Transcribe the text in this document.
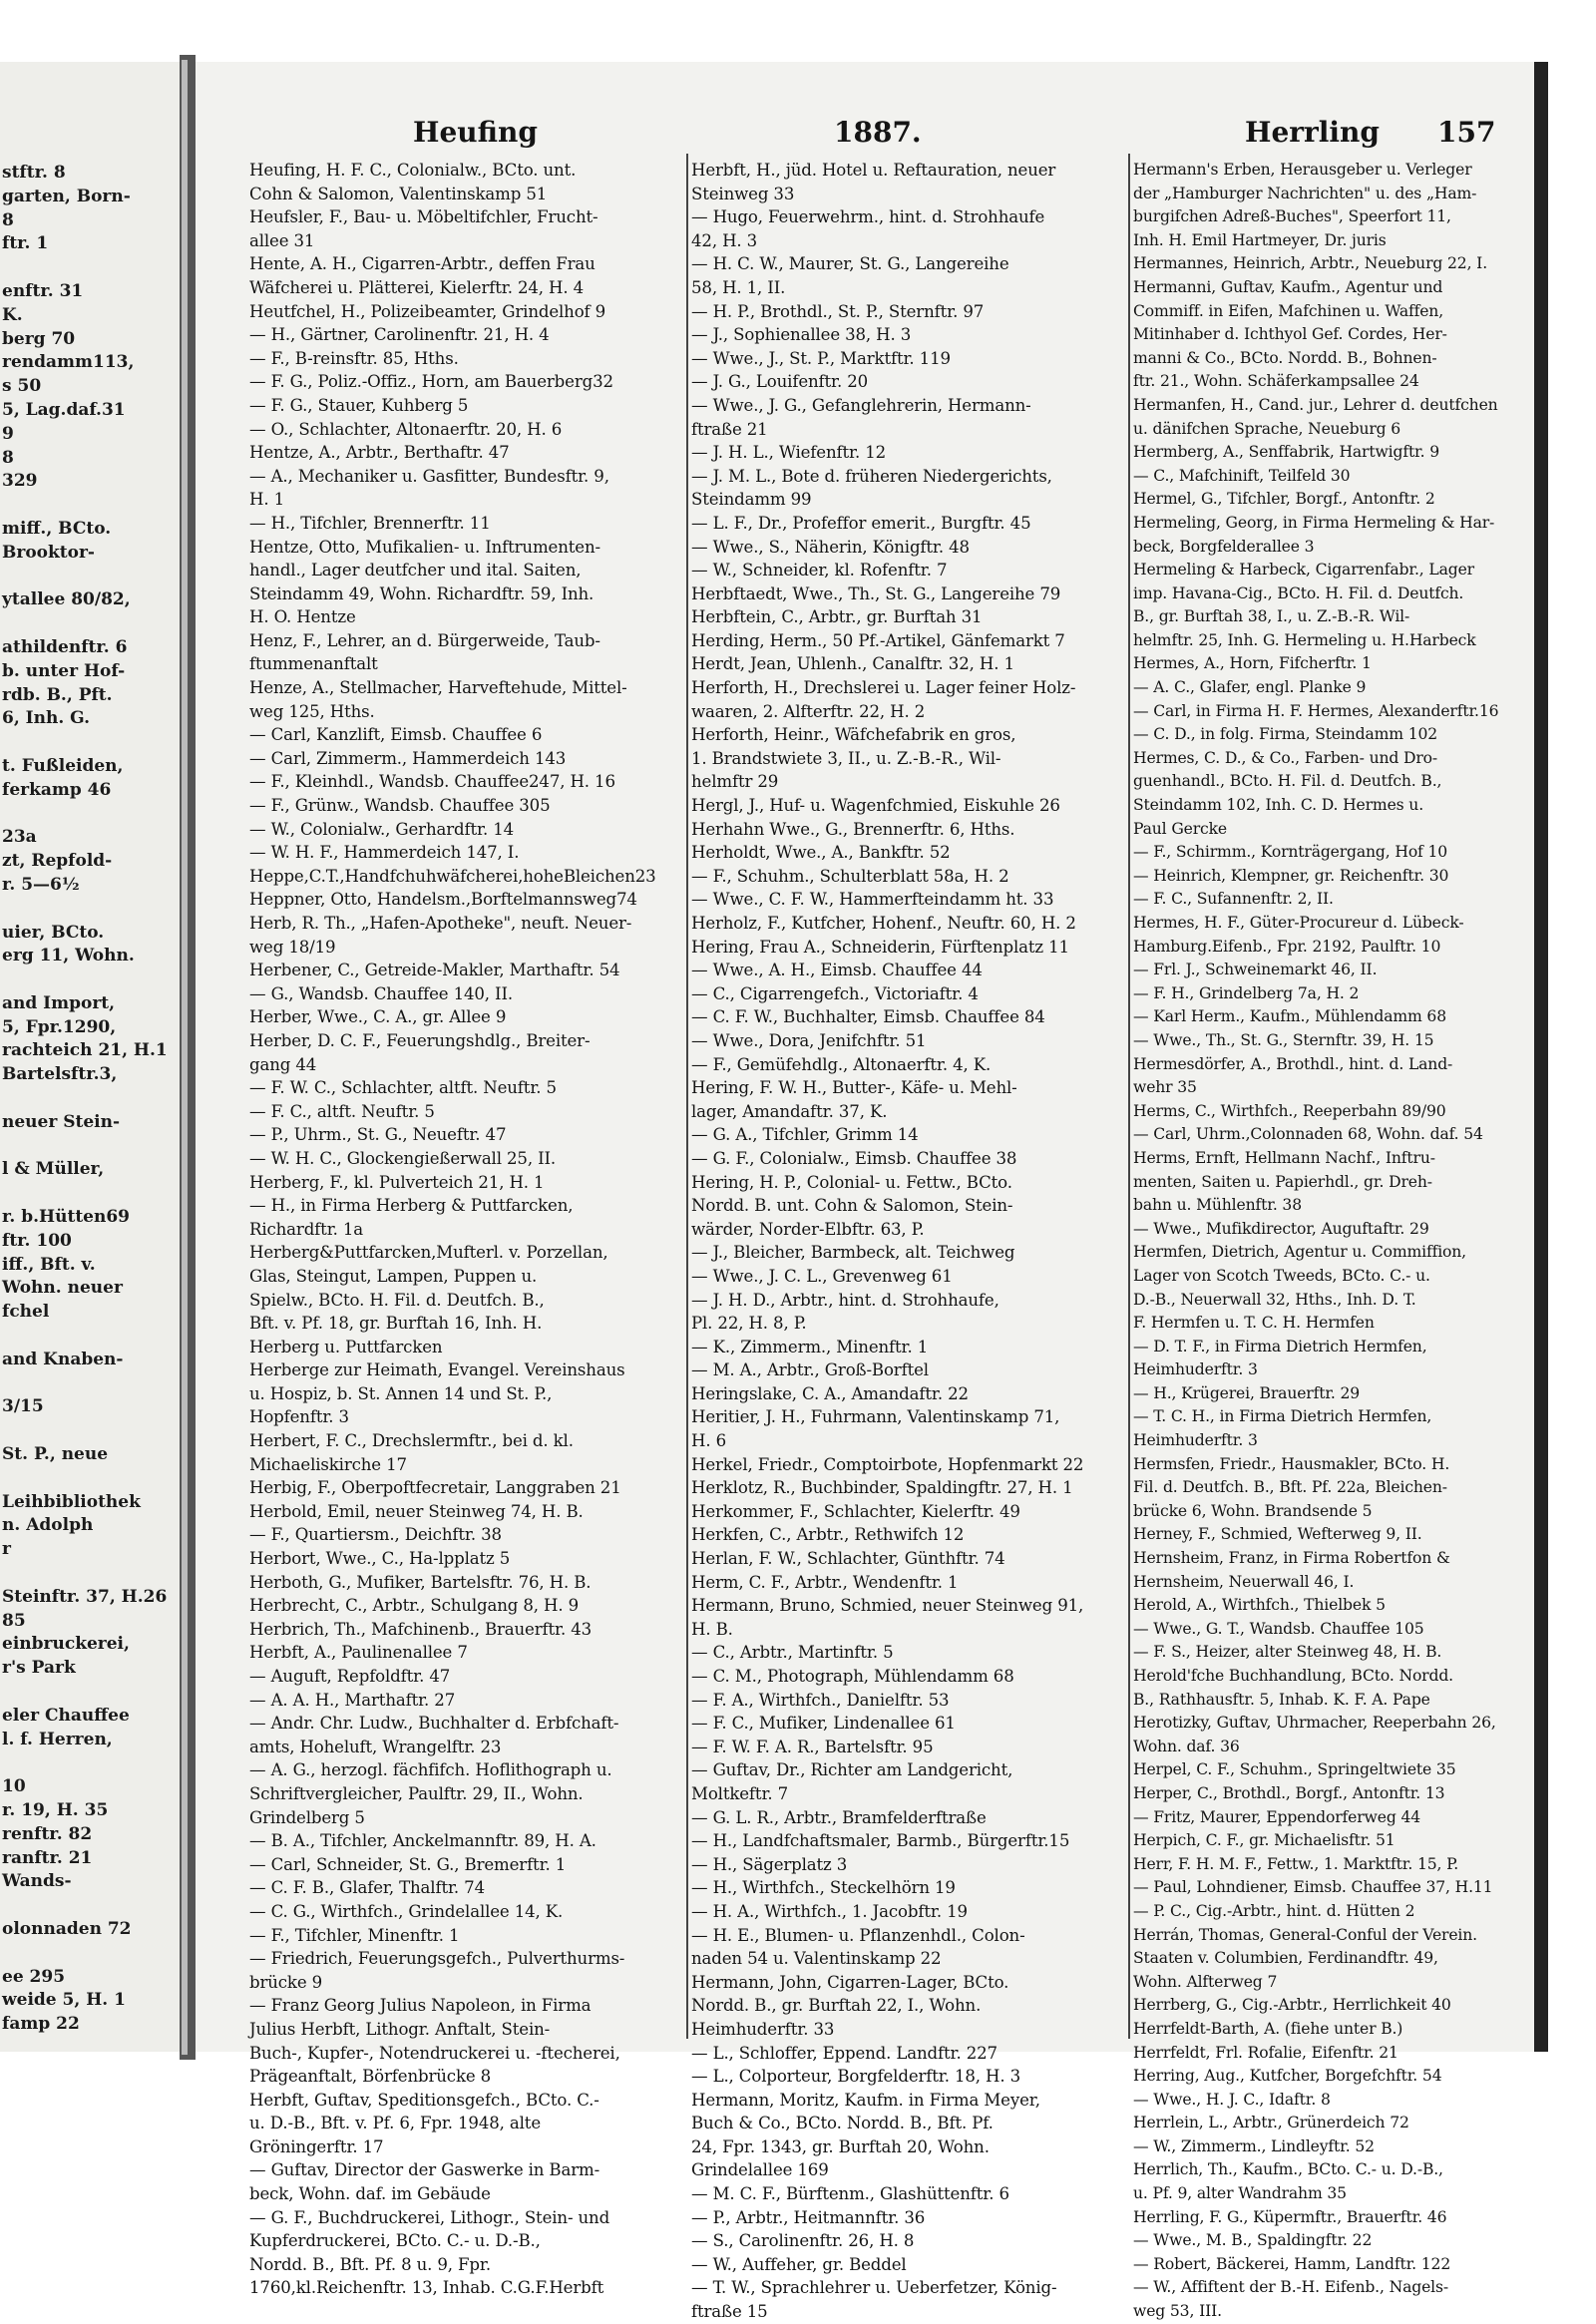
stftr. 8
garten, Born-
8
ftr. 1

enftr. 31
K.
berg 70
rendamm113,
s 50
5, Lag.daf.31
9
8
329

miff., BCto.
Brooktor-

ytallee 80/82,

athildenftr. 6
b. unter Hof-
rdb. B., Pft.
6, Inh. G.

t. Fußleiden,
ferkamp 46

23a
zt, Repfold-
r. 5—6½

uier, BCto.
erg 11, Wohn.

and Import,
5, Fpr.1290,
rachteich 21, H.1
Bartelsftr.3,

neuer Stein-

l & Müller,

r. b.Hütten69
ftr. 100
iff., Bft. v.
Wohn. neuer
fchel

and Knaben-

3/15

St. P., neue

Leihbibliothek
n. Adolph
r

Steinftr. 37, H.26
85
einbruckerei,
r's Park

eler Chauffee
l. f. Herren,

10
r. 19, H. 35
renftr. 82
ranftr. 21
Wands-

olonnaden 72

ee 295
weide 5, H. 1
famp 22
Heufing	1887.	Herrling 157
Heufing, H. F. C., Colonialw., BCto. unt.
Cohn & Salomon, Valentinskamp 51
Heufsler, F., Bau- u. Möbeltifchler, Frucht-
allee 31
Hente, A. H., Cigarren-Arbtr., deffen Frau
Wäfcherei u. Plätterei, Kielerftr. 24, H. 4
Heutfchel, H., Polizeibeamter, Grindelhof 9
— H., Gärtner, Carolinenftr. 21, H. 4
— F., B-reinsftr. 85, Hths.
— F. G., Poliz.-Offiz., Horn, am Bauerberg32
— F. G., Stauer, Kuhberg 5
— O., Schlachter, Altonaerftr. 20, H. 6
Hentze, A., Arbtr., Berthaftr. 47
— A., Mechaniker u. Gasfitter, Bundesftr. 9,
H. 1
— H., Tifchler, Brennerftr. 11
Hentze, Otto, Mufikalien- u. Inftrumenten-
handl., Lager deutfcher und ital. Saiten,
Steindamm 49, Wohn. Richardftr. 59, Inh.
H. O. Hentze
Henz, F., Lehrer, an d. Bürgerweide, Taub-
ftummenanftalt
Henze, A., Stellmacher, Harveftehude, Mittel-
weg 125, Hths.
— Carl, Kanzlift, Eimsb. Chauffee 6
— Carl, Zimmerm., Hammerdeich 143
— F., Kleinhdl., Wandsb. Chauffee247, H. 16
— F., Grünw., Wandsb. Chauffee 305
— W., Colonialw., Gerhardftr. 14
— W. H. F., Hammerdeich 147, I.
Heppe,C.T.,Handfchuhwäfcherei,hoheBleichen23
Heppner, Otto, Handelsm.,Borftelmannsweg74
Herb, R. Th., „Hafen-Apotheke", neuft. Neuer-
weg 18/19
Herbener, C., Getreide-Makler, Marthaftr. 54
— G., Wandsb. Chauffee 140, II.
Herber, Wwe., C. A., gr. Allee 9
Herber, D. C. F., Feuerungshdlg., Breiter-
gang 44
— F. W. C., Schlachter, altft. Neuftr. 5
— F. C., altft. Neuftr. 5
— P., Uhrm., St. G., Neueftr. 47
— W. H. C., Glockengießerwall 25, II.
Herberg, F., kl. Pulverteich 21, H. 1
— H., in Firma Herberg & Puttfarcken,
Richardftr. 1a
Herberg&Puttfarcken,Mufterl. v. Porzellan,
Glas, Steingut, Lampen, Puppen u.
Spielw., BCto. H. Fil. d. Deutfch. B.,
Bft. v. Pf. 18, gr. Burftah 16, Inh. H.
Herberg u. Puttfarcken
Herberge zur Heimath, Evangel. Vereinshaus
u. Hospiz, b. St. Annen 14 und St. P.,
Hopfenftr. 3
Herbert, F. C., Drechslermftr., bei d. kl.
Michaeliskirche 17
Herbig, F., Oberpoftfecretair, Langgraben 21
Herbold, Emil, neuer Steinweg 74, H. B.
— F., Quartiersm., Deichftr. 38
Herbort, Wwe., C., Ha-lpplatz 5
Herboth, G., Mufiker, Bartelsftr. 76, H. B.
Herbrecht, C., Arbtr., Schulgang 8, H. 9
Herbrich, Th., Mafchinenb., Brauerftr. 43
Herbft, A., Paulinenallee 7
— Auguft, Repfoldftr. 47
— A. A. H., Marthaftr. 27
— Andr. Chr. Ludw., Buchhalter d. Erbfchaft-
amts, Hoheluft, Wrangelftr. 23
— A. G., herzogl. fächfifch. Hoflithograph u.
Schriftvergleicher, Paulftr. 29, II., Wohn.
Grindelberg 5
— B. A., Tifchler, Anckelmannftr. 89, H. A.
— Carl, Schneider, St. G., Bremerftr. 1
— C. F. B., Glafer, Thalftr. 74
— C. G., Wirthfch., Grindelallee 14, K.
— F., Tifchler, Minenftr. 1
— Friedrich, Feuerungsgefch., Pulverthurms-
brücke 9
— Franz Georg Julius Napoleon, in Firma
Julius Herbft, Lithogr. Anftalt, Stein-
Buch-, Kupfer-, Notendruckerei u. -ftecherei,
Prägeanftalt, Börfenbrücke 8
Herbft, Guftav, Speditionsgefch., BCto. C.-
u. D.-B., Bft. v. Pf. 6, Fpr. 1948, alte
Gröningerftr. 17
— Guftav, Director der Gaswerke in Barm-
beck, Wohn. daf. im Gebäude
— G. F., Buchdruckerei, Lithogr., Stein- und
Kupferdruckerei, BCto. C.- u. D.-B.,
Nordd. B., Bft. Pf. 8 u. 9, Fpr.
1760,kl.Reichenftr. 13, Inhab. C.G.F.Herbft
Herbft, H., jüd. Hotel u. Reftauration, neuer
Steinweg 33
— Hugo, Feuerwehrm., hint. d. Strohhaufe
42, H. 3
— H. C. W., Maurer, St. G., Langereihe
58, H. 1, II.
— H. P., Brothdl., St. P., Sternftr. 97
— J., Sophienallee 38, H. 3
— Wwe., J., St. P., Marktftr. 119
— J. G., Louifenftr. 20
— Wwe., J. G., Gefanglehrerin, Hermann-
ftraße 21
— J. H. L., Wiefenftr. 12
— J. M. L., Bote d. früheren Niedergerichts,
Steindamm 99
— L. F., Dr., Profeffor emerit., Burgftr. 45
— Wwe., S., Näherin, Königftr. 48
— W., Schneider, kl. Rofenftr. 7
Herbftaedt, Wwe., Th., St. G., Langereihe 79
Herbftein, C., Arbtr., gr. Burftah 31
Herding, Herm., 50 Pf.-Artikel, Gänfemarkt 7
Herdt, Jean, Uhlenh., Canalftr. 32, H. 1
Herforth, H., Drechslerei u. Lager feiner Holz-
waaren, 2. Alfterftr. 22, H. 2
Herforth, Heinr., Wäfchefabrik en gros,
1. Brandstwiete 3, II., u. Z.-B.-R., Wil-
helmftr 29
Hergl, J., Huf- u. Wagenfchmied, Eiskuhle 26
Herhahn Wwe., G., Brennerftr. 6, Hths.
Herholdt, Wwe., A., Bankftr. 52
— F., Schuhm., Schulterblatt 58a, H. 2
— Wwe., C. F. W., Hammerfteindamm ht. 33
Herholz, F., Kutfcher, Hohenf., Neuftr. 60, H. 2
Hering, Frau A., Schneiderin, Fürftenplatz 11
— Wwe., A. H., Eimsb. Chauffee 44
— C., Cigarrengefch., Victoriaftr. 4
— C. F. W., Buchhalter, Eimsb. Chauffee 84
— Wwe., Dora, Jenifchftr. 51
— F., Gemüfehdlg., Altonaerftr. 4, K.
Hering, F. W. H., Butter-, Käfe- u. Mehl-
lager, Amandaftr. 37, K.
— G. A., Tifchler, Grimm 14
— G. F., Colonialw., Eimsb. Chauffee 38
Hering, H. P., Colonial- u. Fettw., BCto.
Nordd. B. unt. Cohn & Salomon, Stein-
wärder, Norder-Elbftr. 63, P.
— J., Bleicher, Barmbeck, alt. Teichweg
— Wwe., J. C. L., Grevenweg 61
— J. H. D., Arbtr., hint. d. Strohhaufe,
Pl. 22, H. 8, P.
— K., Zimmerm., Minenftr. 1
— M. A., Arbtr., Groß-Borftel
Heringslake, C. A., Amandaftr. 22
Heritier, J. H., Fuhrmann, Valentinskamp 71,
H. 6
Herkel, Friedr., Comptoirbote, Hopfenmarkt 22
Herklotz, R., Buchbinder, Spaldingftr. 27, H. 1
Herkommer, F., Schlachter, Kielerftr. 49
Herkfen, C., Arbtr., Rethwifch 12
Herlan, F. W., Schlachter, Günthftr. 74
Herm, C. F., Arbtr., Wendenftr. 1
Hermann, Bruno, Schmied, neuer Steinweg 91,
H. B.
— C., Arbtr., Martinftr. 5
— C. M., Photograph, Mühlendamm 68
— F. A., Wirthfch., Danielftr. 53
— F. C., Mufiker, Lindenallee 61
— F. W. F. A. R., Bartelsftr. 95
— Guftav, Dr., Richter am Landgericht,
Moltkeftr. 7
— G. L. R., Arbtr., Bramfelderftraße
— H., Landfchaftsmaler, Barmb., Bürgerftr.15
— H., Sägerplatz 3
— H., Wirthfch., Steckelhörn 19
— H. A., Wirthfch., 1. Jacobftr. 19
— H. E., Blumen- u. Pflanzenhdl., Colon-
naden 54 u. Valentinskamp 22
Hermann, John, Cigarren-Lager, BCto.
Nordd. B., gr. Burftah 22, I., Wohn.
Heimhuderftr. 33
— L., Schloffer, Eppend. Landftr. 227
— L., Colporteur, Borgfelderftr. 18, H. 3
Hermann, Moritz, Kaufm. in Firma Meyer,
Buch & Co., BCto. Nordd. B., Bft. Pf.
24, Fpr. 1343, gr. Burftah 20, Wohn.
Grindelallee 169
— M. C. F., Bürftenm., Glashüttenftr. 6
— P., Arbtr., Heitmannftr. 36
— S., Carolinenftr. 26, H. 8
— W., Auffeher, gr. Beddel
— T. W., Sprachlehrer u. Ueberfetzer, König-
ftraße 15
Hermann's Erben, Herausgeber u. Verleger
der „Hamburger Nachrichten" u. des „Ham-
burgifchen Adreß-Buches", Speerfort 11,
Inh. H. Emil Hartmeyer, Dr. juris
Hermannes, Heinrich, Arbtr., Neueburg 22, I.
Hermanni, Guftav, Kaufm., Agentur und
Commiff. in Eifen, Mafchinen u. Waffen,
Mitinhaber d. Ichthyol Gef. Cordes, Her-
manni & Co., BCto. Nordd. B., Bohnen-
ftr. 21., Wohn. Schäferkampsallee 24
Hermanfen, H., Cand. jur., Lehrer d. deutfchen
u. dänifchen Sprache, Neueburg 6
Hermberg, A., Senffabrik, Hartwigftr. 9
— C., Mafchinift, Teilfeld 30
Hermel, G., Tifchler, Borgf., Antonftr. 2
Hermeling, Georg, in Firma Hermeling & Har-
beck, Borgfelderallee 3
Hermeling & Harbeck, Cigarrenfabr., Lager
imp. Havana-Cig., BCto. H. Fil. d. Deutfch.
B., gr. Burftah 38, I., u. Z.-B.-R. Wil-
helmftr. 25, Inh. G. Hermeling u. H.Harbeck
Hermes, A., Horn, Fifcherftr. 1
— A. C., Glafer, engl. Planke 9
— Carl, in Firma H. F. Hermes, Alexanderftr.16
— C. D., in folg. Firma, Steindamm 102
Hermes, C. D., & Co., Farben- und Dro-
guenhandl., BCto. H. Fil. d. Deutfch. B.,
Steindamm 102, Inh. C. D. Hermes u.
Paul Gercke
— F., Schirmm., Kornträgergang, Hof 10
— Heinrich, Klempner, gr. Reichenftr. 30
— F. C., Sufannenftr. 2, II.
Hermes, H. F., Güter-Procureur d. Lübeck-
Hamburg.Eifenb., Fpr. 2192, Paulftr. 10
— Frl. J., Schweinemarkt 46, II.
— F. H., Grindelberg 7a, H. 2
— Karl Herm., Kaufm., Mühlendamm 68
— Wwe., Th., St. G., Sternftr. 39, H. 15
Hermesdörfer, A., Brothdl., hint. d. Land-
wehr 35
Herms, C., Wirthfch., Reeperbahn 89/90
— Carl, Uhrm.,Colonnaden 68, Wohn. daf. 54
Herms, Ernft, Hellmann Nachf., Inftru-
menten, Saiten u. Papierhdl., gr. Dreh-
bahn u. Mühlenftr. 38
— Wwe., Mufikdirector, Auguftaftr. 29
Hermfen, Dietrich, Agentur u. Commiffion,
Lager von Scotch Tweeds, BCto. C.- u.
D.-B., Neuerwall 32, Hths., Inh. D. T.
F. Hermfen u. T. C. H. Hermfen
— D. T. F., in Firma Dietrich Hermfen,
Heimhuderftr. 3
— H., Krügerei, Brauerftr. 29
— T. C. H., in Firma Dietrich Hermfen,
Heimhuderftr. 3
Hermsfen, Friedr., Hausmakler, BCto. H.
Fil. d. Deutfch. B., Bft. Pf. 22a, Bleichen-
brücke 6, Wohn. Brandsende 5
Herney, F., Schmied, Wefterweg 9, II.
Hernsheim, Franz, in Firma Robertfon &
Hernsheim, Neuerwall 46, I.
Herold, A., Wirthfch., Thielbek 5
— Wwe., G. T., Wandsb. Chauffee 105
— F. S., Heizer, alter Steinweg 48, H. B.
Herold'fche Buchhandlung, BCto. Nordd.
B., Rathhausftr. 5, Inhab. K. F. A. Pape
Herotizky, Guftav, Uhrmacher, Reeperbahn 26,
Wohn. daf. 36
Herpel, C. F., Schuhm., Springeltwiete 35
Herper, C., Brothdl., Borgf., Antonftr. 13
— Fritz, Maurer, Eppendorferweg 44
Herpich, C. F., gr. Michaelisftr. 51
Herr, F. H. M. F., Fettw., 1. Marktftr. 15, P.
— Paul, Lohndiener, Eimsb. Chauffee 37, H.11
— P. C., Cig.-Arbtr., hint. d. Hütten 2
Herrán, Thomas, General-Conful der Verein.
Staaten v. Columbien, Ferdinandftr. 49,
Wohn. Alfterweg 7
Herrberg, G., Cig.-Arbtr., Herrlichkeit 40
Herrfeldt-Barth, A. (fiehe unter B.)
Herrfeldt, Frl. Rofalie, Eifenftr. 21
Herring, Aug., Kutfcher, Borgefchftr. 54
— Wwe., H. J. C., Idaftr. 8
Herrlein, L., Arbtr., Grünerdeich 72
— W., Zimmerm., Lindleyftr. 52
Herrlich, Th., Kaufm., BCto. C.- u. D.-B.,
u. Pf. 9, alter Wandrahm 35
Herrling, F. G., Küpermftr., Brauerftr. 46
— Wwe., M. B., Spaldingftr. 22
— Robert, Bäckerei, Hamm, Landftr. 122
— W., Affiftent der B.-H. Eifenb., Nagels-
weg 53, III.
